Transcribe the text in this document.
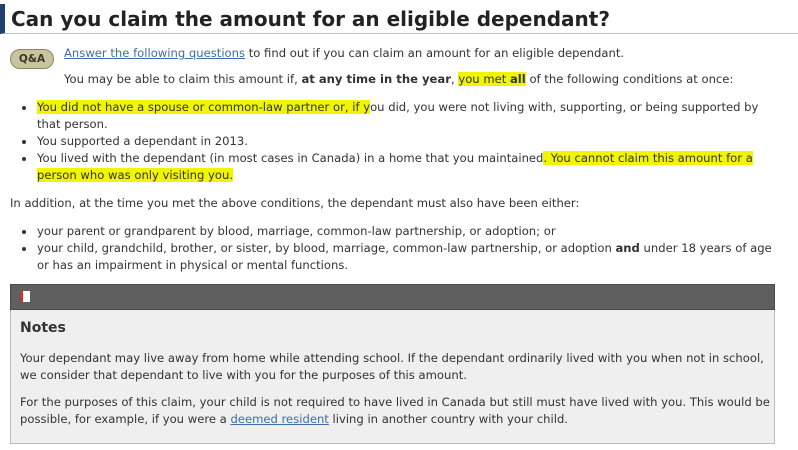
Can you claim the amount for an eligible dependant?
Q&A	Answer the following questions to find out if you can claim an amount for an eligible dependant.
You may be able to claim this amount if, at any time in the year, you met all of the following conditions at once:
You did not have a spouse or common-law partner or, if you did, you were not living with, supporting, or being supported by
that person.
You supported a dependant in 2013.
You lived with the dependant (in most cases in Canada) in a home that you maintained. You cannot claim this amount for a
person who was only visiting you.
In addition, at the time you met the above conditions, the dependant must also have been either:
your parent or grandparent by blood, marriage, common-law partnership, or adoption; or
your child, grandchild, brother, or sister, by blood, marriage, common-law partnership, or adoption and under 18 years of age
or has an impairment in physical or mental functions.
Notes
Your dependant may live away from home while attending school. If the dependant ordinarily lived with you when not in school,
we consider that dependant to live with you for the purposes of this amount.
For the purposes of this claim, your child is not required to have lived in Canada but still must have lived with you. This would be
possible, for example, if you were a deemed resident living in another country with your child.
